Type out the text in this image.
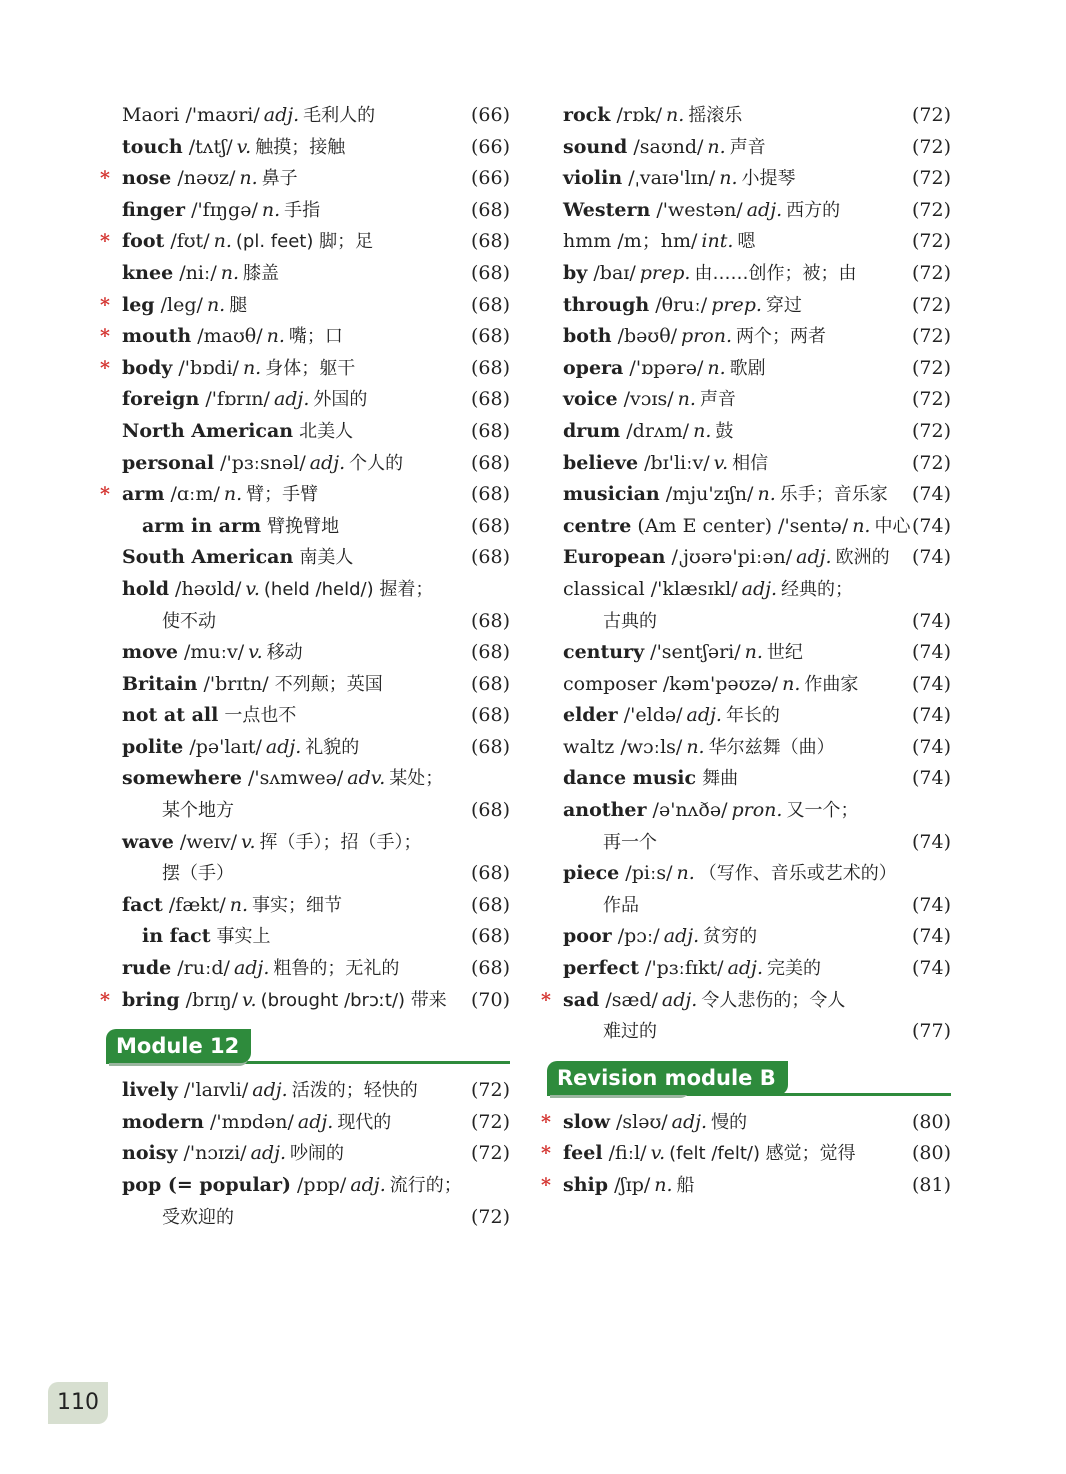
Maori /'maʊri/ adj. 毛利人的	(66)
touch /tʌtʃ/ v. 触摸；接触	(66)
* nose /nəʊz/ n. 鼻子	(66)
finger /'fɪŋgə/ n. 手指	(68)
* foot /fʊt/ n. (pl. feet) 脚；足	(68)
knee /niː/ n. 膝盖	(68)
* leg /leg/ n. 腿	(68)
* mouth /maʊθ/ n. 嘴；口	(68)
* body /'bɒdi/ n. 身体；躯干	(68)
foreign /'fɒrɪn/ adj. 外国的	(68)
North American 北美人	(68)
personal /'pɜːsnəl/ adj. 个人的	(68)
* arm /ɑːm/ n. 臂；手臂	(68)
arm in arm 臂挽臂地	(68)
South American 南美人	(68)
hold /həʊld/ v. (held /held/) 握着；
使不动	(68)
move /muːv/ v. 移动	(68)
Britain /'brɪtn/ 不列颠；英国	(68)
not at all 一点也不	(68)
polite /pə'laɪt/ adj. 礼貌的	(68)
somewhere /'sʌmweə/ adv. 某处；
某个地方	(68)
wave /weɪv/ v. 挥（手）；招（手）；
摆（手）	(68)
fact /fækt/ n. 事实；细节	(68)
in fact 事实上	(68)
rude /ruːd/ adj. 粗鲁的；无礼的	(68)
* bring /brɪŋ/ v. (brought /brɔːt/) 带来 (70)
Module 12
lively /'laɪvli/ adj. 活泼的；轻快的	(72)
modern /'mɒdən/ adj. 现代的	(72)
noisy /'nɔɪzi/ adj. 吵闹的	(72)
pop (= popular) /pɒp/ adj. 流行的；
受欢迎的	(72)
rock /rɒk/ n. 摇滚乐	(72)
sound /saʊnd/ n. 声音	(72)
violin /ˌvaɪə'lɪn/ n. 小提琴	(72)
Western /'westən/ adj. 西方的	(72)
hmm /m；hm/ int. 嗯	(72)
by /baɪ/ prep. 由……创作；被；由	(72)
through /θruː/ prep. 穿过	(72)
both /bəʊθ/ pron. 两个；两者	(72)
opera /'ɒpərə/ n. 歌剧	(72)
voice /vɔɪs/ n. 声音	(72)
drum /drʌm/ n. 鼓	(72)
believe /bɪ'liːv/ v. 相信	(72)
musician /mju'zɪʃn/ n. 乐手；音乐家 (74)
centre (Am E center) /'sentə/ n. 中心 (74)
European /ˌjʊərə'piːən/ adj. 欧洲的 (74)
classical /'klæsɪkl/ adj. 经典的；
古典的	(74)
century /'sentʃəri/ n. 世纪	(74)
composer /kəm'pəʊzə/ n. 作曲家	(74)
elder /'eldə/ adj. 年长的	(74)
waltz /wɔːls/ n. 华尔兹舞（曲）	(74)
dance music 舞曲	(74)
another /ə'nʌðə/ pron. 又一个；
再一个	(74)
piece /piːs/ n. （写作、音乐或艺术的）
作品	(74)
poor /pɔː/ adj. 贫穷的	(74)
perfect /'pɜːfɪkt/ adj. 完美的	(74)
* sad /sæd/ adj. 令人悲伤的；令人
难过的	(77)
Revision module B
* slow /sləʊ/ adj. 慢的	(80)
* feel /fiːl/ v. (felt /felt/) 感觉；觉得	(80)
* ship /ʃɪp/ n. 船	(81)
110
